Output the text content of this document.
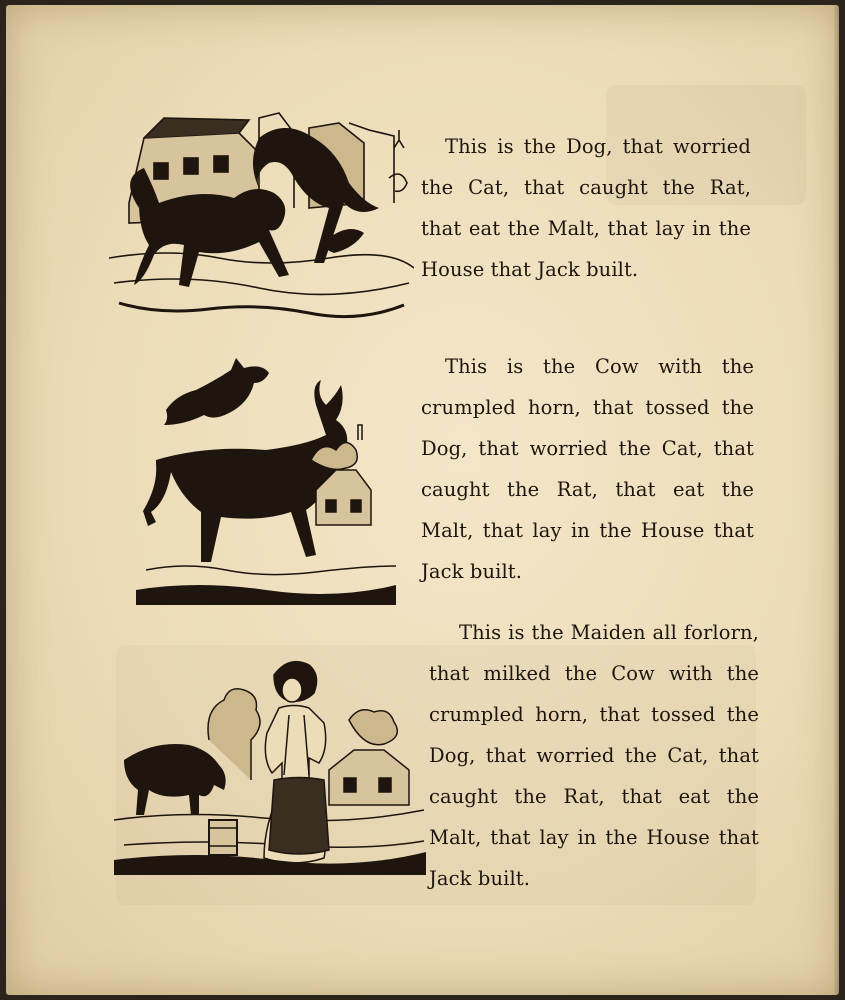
This is the Dog, that worried the Cat, that caught the Rat, that eat the Malt, that lay in the House that Jack built.

This is the Cow with the crumpled horn, that tossed the Dog, that worried the Cat, that caught the Rat, that eat the Malt, that lay in the House that Jack built.

This is the Maiden all forlorn, that milked the Cow with the crumpled horn, that tossed the Dog, that worried the Cat, that caught the Rat, that eat the Malt, that lay in the House that Jack built.
